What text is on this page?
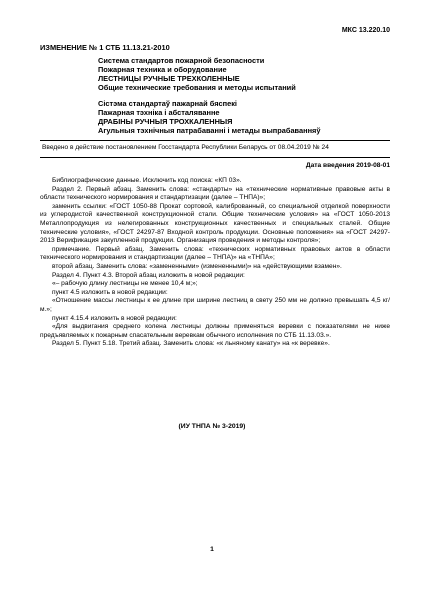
МКС 13.220.10
ИЗМЕНЕНИЕ № 1 СТБ 11.13.21-2010
Система стандартов пожарной безопасности
Пожарная техника и оборудование
ЛЕСТНИЦЫ РУЧНЫЕ ТРЕХКОЛЕННЫЕ
Общие технические требования и методы испытаний
Сістэма стандартаў пажарнай бяспекі
Пажарная тэхніка і абсталяванне
ДРАБІНЫ РУЧНЫЯ ТРОХКАЛЕННЫЯ
Агульныя тэхнічныя патрабаванні і метады выпрабаванняў
Введено в действие постановлением Госстандарта Республики Беларусь от 08.04.2019 № 24
Дата введения 2019-08-01

Библиографические данные. Исключить код поиска: «КП 03».

Раздел 2. Первый абзац. Заменить слова: «стандарты» на «технические нормативные правовые акты в области технического нормирования и стандартизации (далее – ТНПА)»;

заменить ссылки: «ГОСТ 1050-88 Прокат сортовой, калиброванный, со специальной отделкой поверхности из углеродистой качественной конструкционной стали. Общие технические условия» на «ГОСТ 1050-2013 Металлопродукция из нелегированных конструкционных качественных и специальных сталей. Общие технические условия», «ГОСТ 24297-87 Входной контроль продукции. Основные положения» на «ГОСТ 24297-2013 Верификация закупленной продукции. Организация проведения и методы контроля»;

примечание. Первый абзац. Заменить слова: «технических нормативных правовых актов в области технического нормирования и стандартизации (далее – ТНПА)» на «ТНПА»;

второй абзац. Заменить слова: «замененными» (измененными)» на «действующими взамен».

Раздел 4. Пункт 4.3. Второй абзац изложить в новой редакции:

«– рабочую длину лестницы не менее 10,4 м;»;

пункт 4.5 изложить в новой редакции:

«Отношение массы лестницы к ее длине при ширине лестниц в свету 250 мм не должно превышать 4,5 кг/м.»;

пункт 4.15.4 изложить в новой редакции:

«Для выдвигания среднего колена лестницы должны применяться веревки с показателями не ниже предъявляемых к пожарным спасательным веревкам обычного исполнения по СТБ 11.13.03.».

Раздел 5. Пункт 5.18. Третий абзац. Заменить слова: «к льняному канату» на «к веревке».

(ИУ ТНПА № 3-2019)
1
